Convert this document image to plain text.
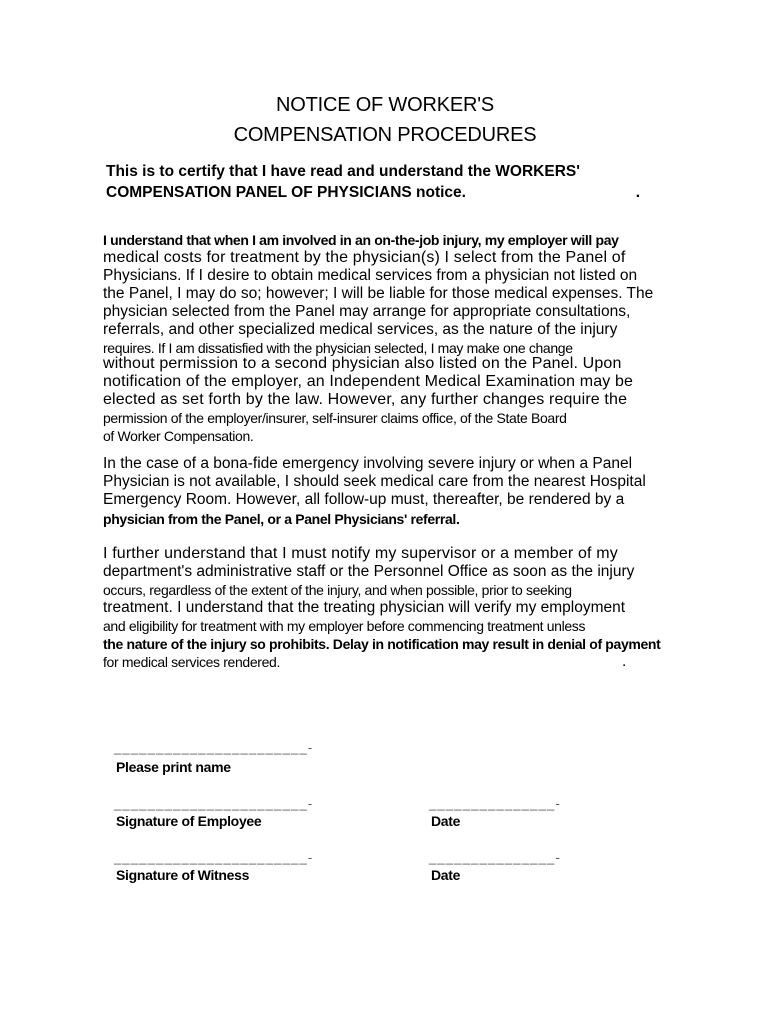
NOTICE OF WORKER'S
COMPENSATION PROCEDURES
This is to certify that I have read and understand the WORKERS'
COMPENSATION PANEL OF PHYSICIANS notice.	.
I understand that when I am involved in an on-the-job injury, my employer will pay
medical costs for treatment by the physician(s) I select from the Panel of
Physicians. If I desire to obtain medical services from a physician not listed on
the Panel, I may do so; however; I will be liable for those medical expenses. The
physician selected from the Panel may arrange for appropriate consultations,
referrals, and other specialized medical services, as the nature of the injury
requires. If I am dissatisfied with the physician selected, I may make one change
without permission to a second physician also listed on the Panel. Upon
notification of the employer, an Independent Medical Examination may be
elected as set forth by the law. However, any further changes require the
permission of the employer/insurer, self-insurer claims office, of the State Board
of Worker Compensation.
In the case of a bona-fide emergency involving severe injury or when a Panel
Physician is not available, I should seek medical care from the nearest Hospital
Emergency Room. However, all follow-up must, thereafter, be rendered by a
physician from the Panel, or a Panel Physicians' referral.
I further understand that I must notify my supervisor or a member of my
department's administrative staff or the Personnel Office as soon as the injury
occurs, regardless of the extent of the injury, and when possible, prior to seeking
treatment. I understand that the treating physician will verify my employment
and eligibility for treatment with my employer before commencing treatment unless
the nature of the injury so prohibits. Delay in notification may result in denial of payment
for medical services rendered.	.
_______________________-
Please print name
_______________________-
Signature of Employee
_______________-
Date
_______________________-
Signature of Witness
_______________-
Date
